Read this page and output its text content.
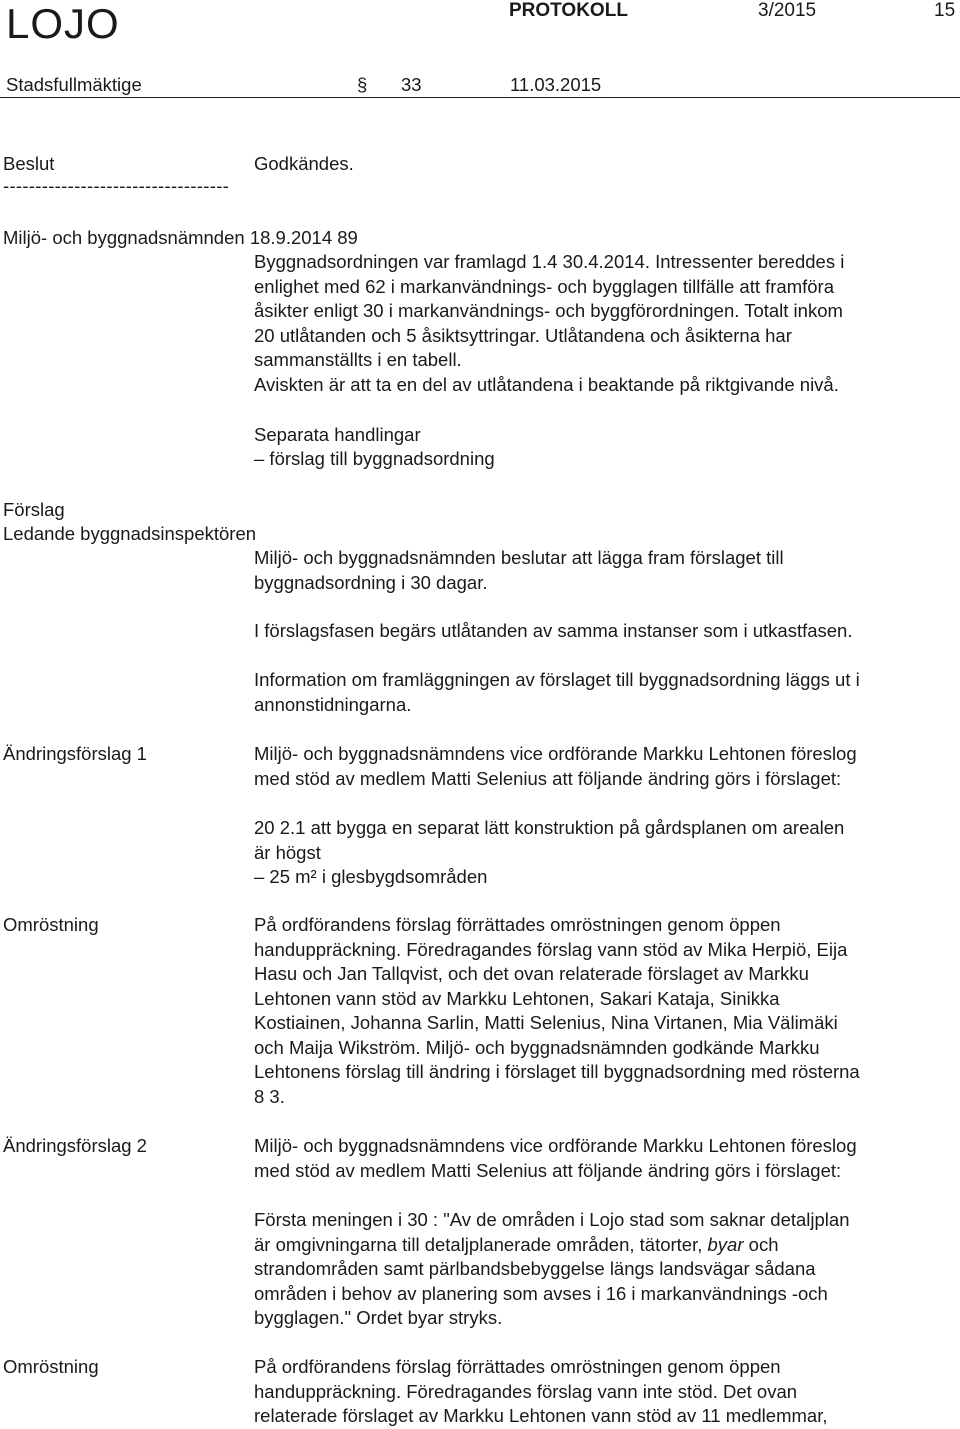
LOJO	PROTOKOLL	3/2015	15
Stadsfullmäktige	§ 33	11.03.2015
Beslut	Godkändes.
-----------------------------------
Miljö- och byggnadsnämnden 18.9.2014 89
Byggnadsordningen var framlagd 1.4 30.4.2014. Intressenter bereddes i
enlighet med 62 i markanvändnings- och bygglagen tillfälle att framföra
åsikter enligt 30 i markanvändnings- och byggförordningen. Totalt inkom
20 utlåtanden och 5 åsiktsyttringar. Utlåtandena och åsikterna har
sammanställts i en tabell.
Aviskten är att ta en del av utlåtandena i beaktande på riktgivande nivå.
Separata handlingar
– förslag till byggnadsordning
Förslag
Ledande byggnadsinspektören
Miljö- och byggnadsnämnden beslutar att lägga fram förslaget till
byggnadsordning i 30 dagar.
I förslagsfasen begärs utlåtanden av samma instanser som i utkastfasen.
Information om framläggningen av förslaget till byggnadsordning läggs ut i
annonstidningarna.
Ändringsförslag 1	Miljö- och byggnadsnämndens vice ordförande Markku Lehtonen föreslog
med stöd av medlem Matti Selenius att följande ändring görs i förslaget:
20 2.1 att bygga en separat lätt konstruktion på gårdsplanen om arealen
är högst
– 25 m² i glesbygdsområden
Omröstning	På ordförandens förslag förrättades omröstningen genom öppen
handuppräckning. Föredragandes förslag vann stöd av Mika Herpiö, Eija
Hasu och Jan Tallqvist, och det ovan relaterade förslaget av Markku
Lehtonen vann stöd av Markku Lehtonen, Sakari Kataja, Sinikka
Kostiainen, Johanna Sarlin, Matti Selenius, Nina Virtanen, Mia Välimäki
och Maija Wikström. Miljö- och byggnadsnämnden godkände Markku
Lehtonens förslag till ändring i förslaget till byggnadsordning med rösterna
8 3.
Ändringsförslag 2	Miljö- och byggnadsnämndens vice ordförande Markku Lehtonen föreslog
med stöd av medlem Matti Selenius att följande ändring görs i förslaget:
Första meningen i 30 : "Av de områden i Lojo stad som saknar detaljplan
är omgivningarna till detaljplanerade områden, tätorter, byar och
strandområden samt pärlbandsbebyggelse längs landsvägar sådana
områden i behov av planering som avses i 16 i markanvändnings -och
bygglagen." Ordet byar stryks.
Omröstning	På ordförandens förslag förrättades omröstningen genom öppen
handuppräckning. Föredragandes förslag vann inte stöd. Det ovan
relaterade förslaget av Markku Lehtonen vann stöd av 11 medlemmar,
